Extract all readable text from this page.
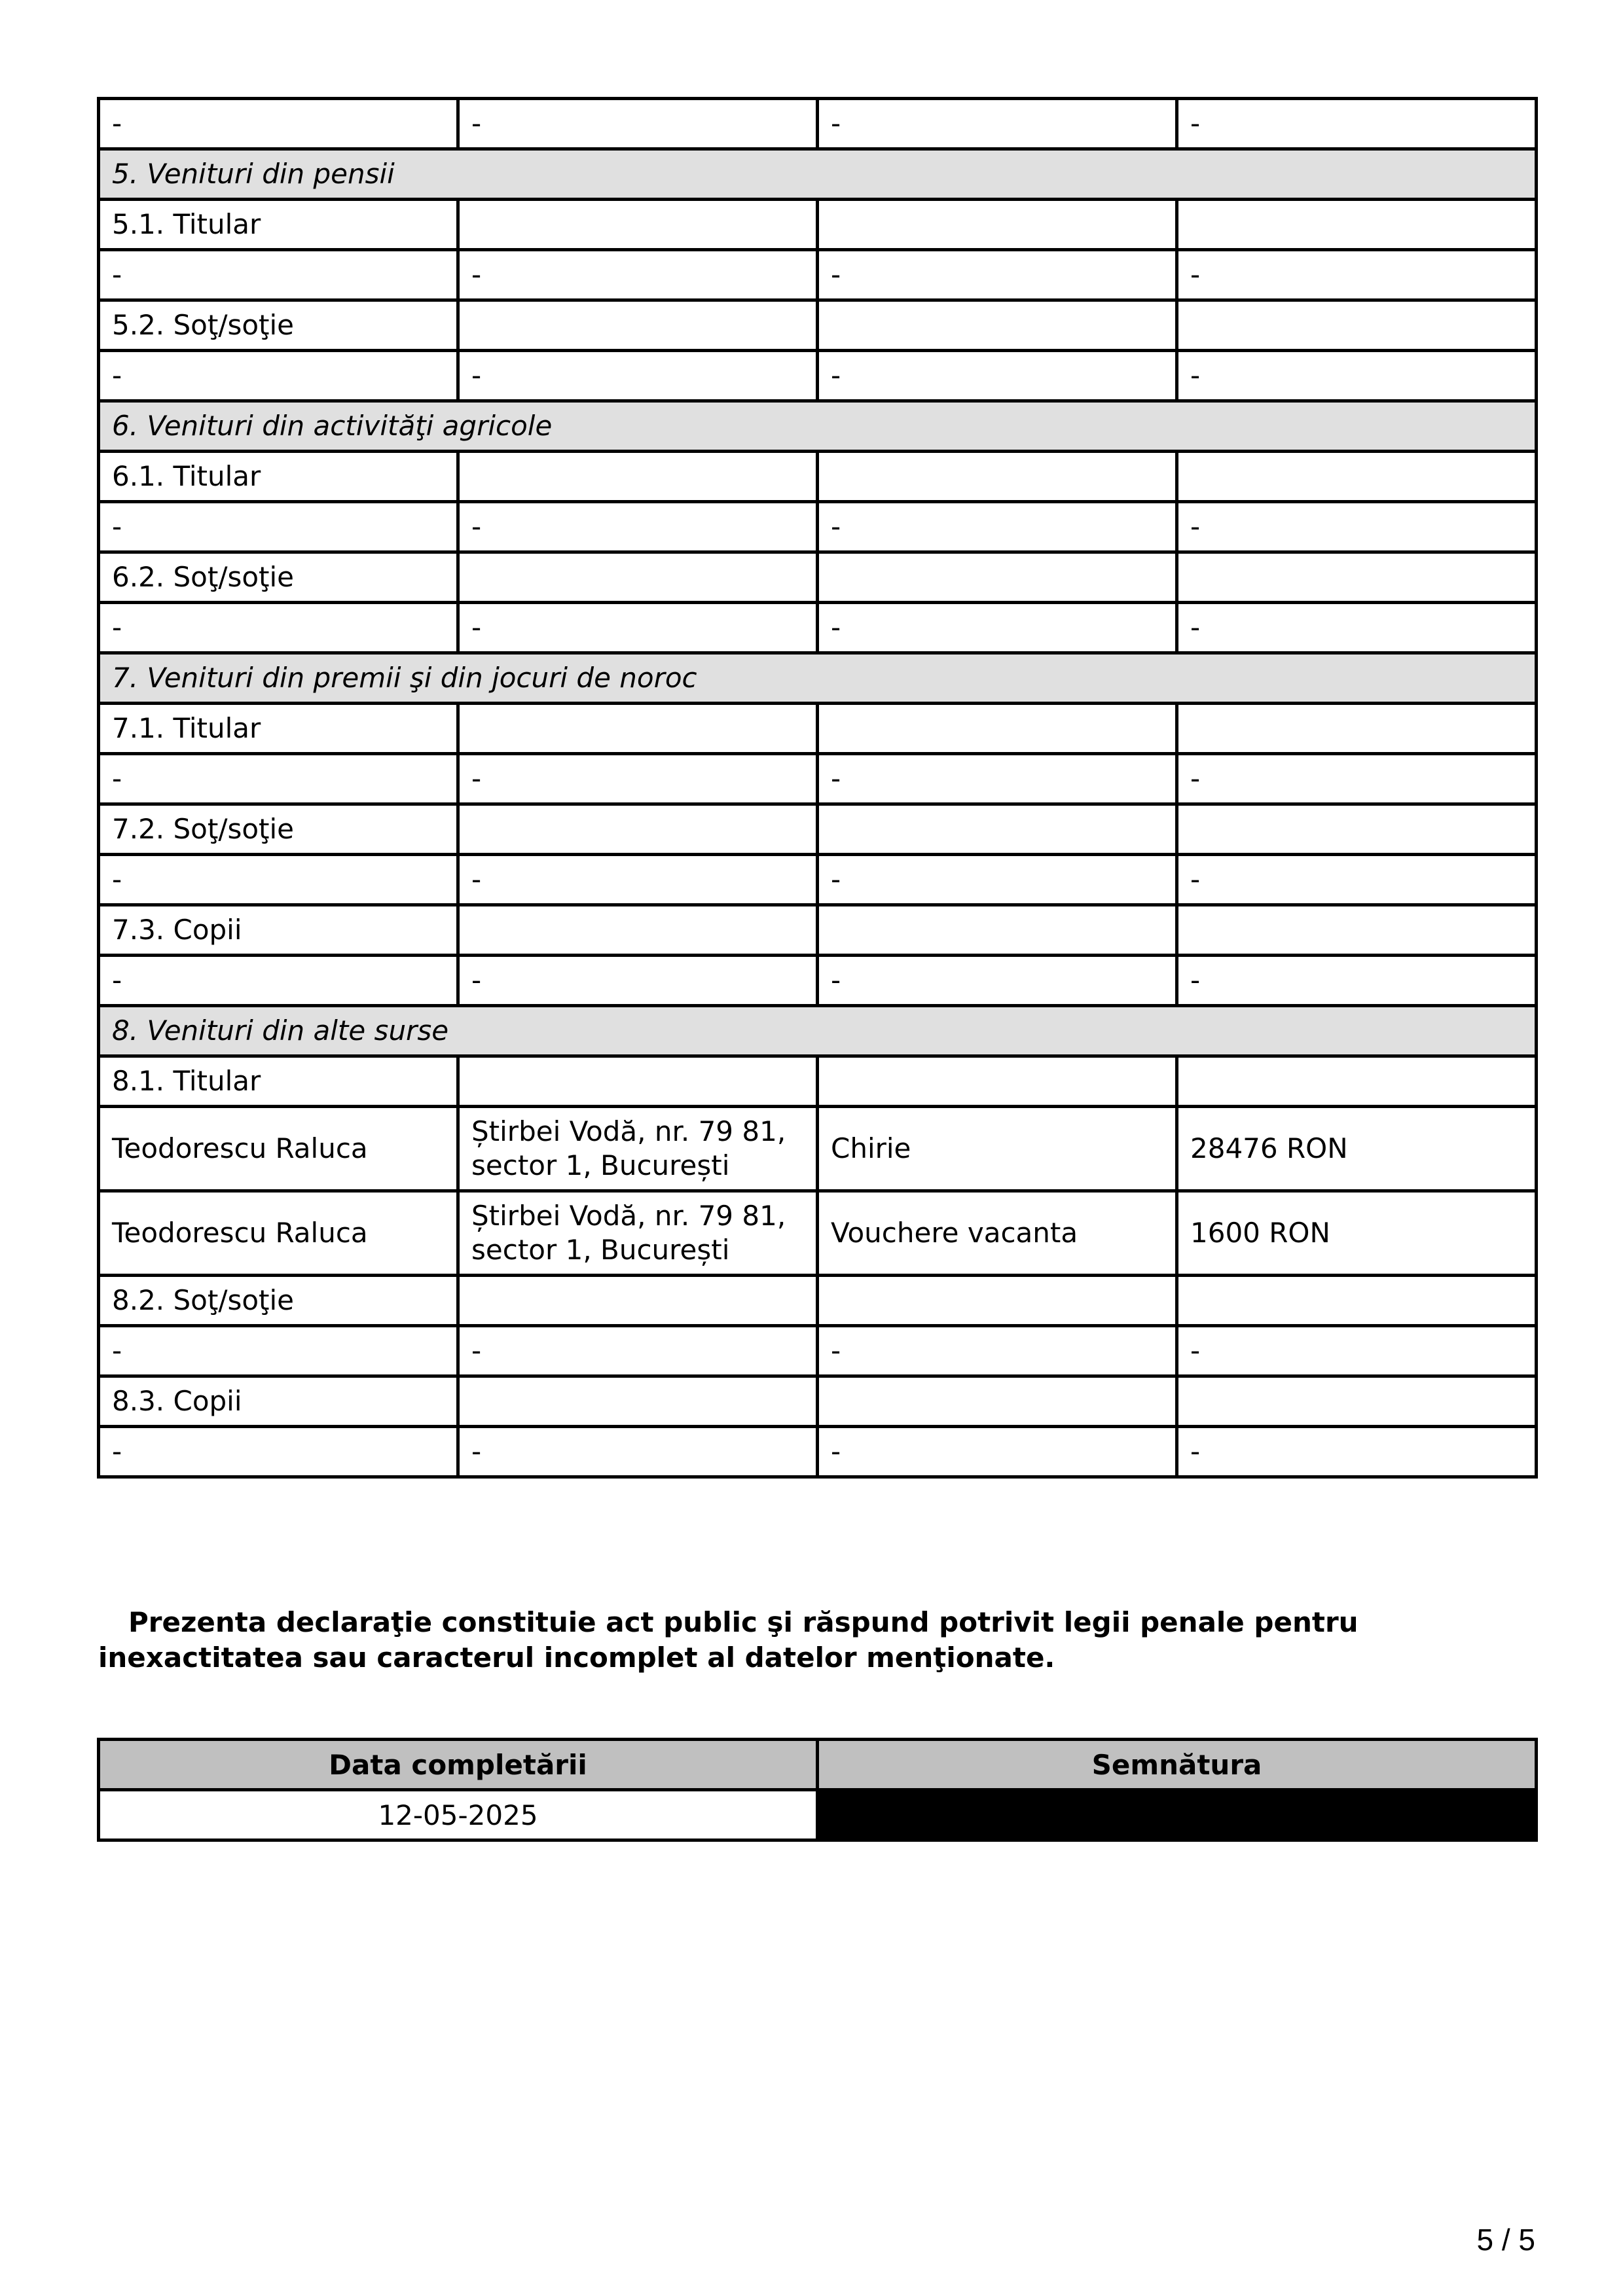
-	-	-	-
5. Venituri din pensii			
5.1. Titular			
-	-	-	-
5.2. Soţ/soţie			
-	-	-	-
6. Venituri din activităţi agricole			
6.1. Titular			
-	-	-	-
6.2. Soţ/soţie			
-	-	-	-
7. Venituri din premii şi din jocuri de noroc			
7.1. Titular			
-	-	-	-
7.2. Soţ/soţie			
-	-	-	-
7.3. Copii			
-	-	-	-
8. Venituri din alte surse			
8.1. Titular			
Teodorescu Raluca	Știrbei Vodă, nr. 79 81, sector 1, București	Chirie	28476 RON
Teodorescu Raluca	Știrbei Vodă, nr. 79 81, sector 1, București	Vouchere vacanta	1600 RON
8.2. Soţ/soţie			
-	-	-	-
8.3. Copii			
-	-	-	-
Prezenta declaraţie constituie act public şi răspund potrivit legii penale pentru inexactitatea sau caracterul incomplet al datelor menţionate.
Data completării	Semnătura
12-05-2025	
5 / 5
